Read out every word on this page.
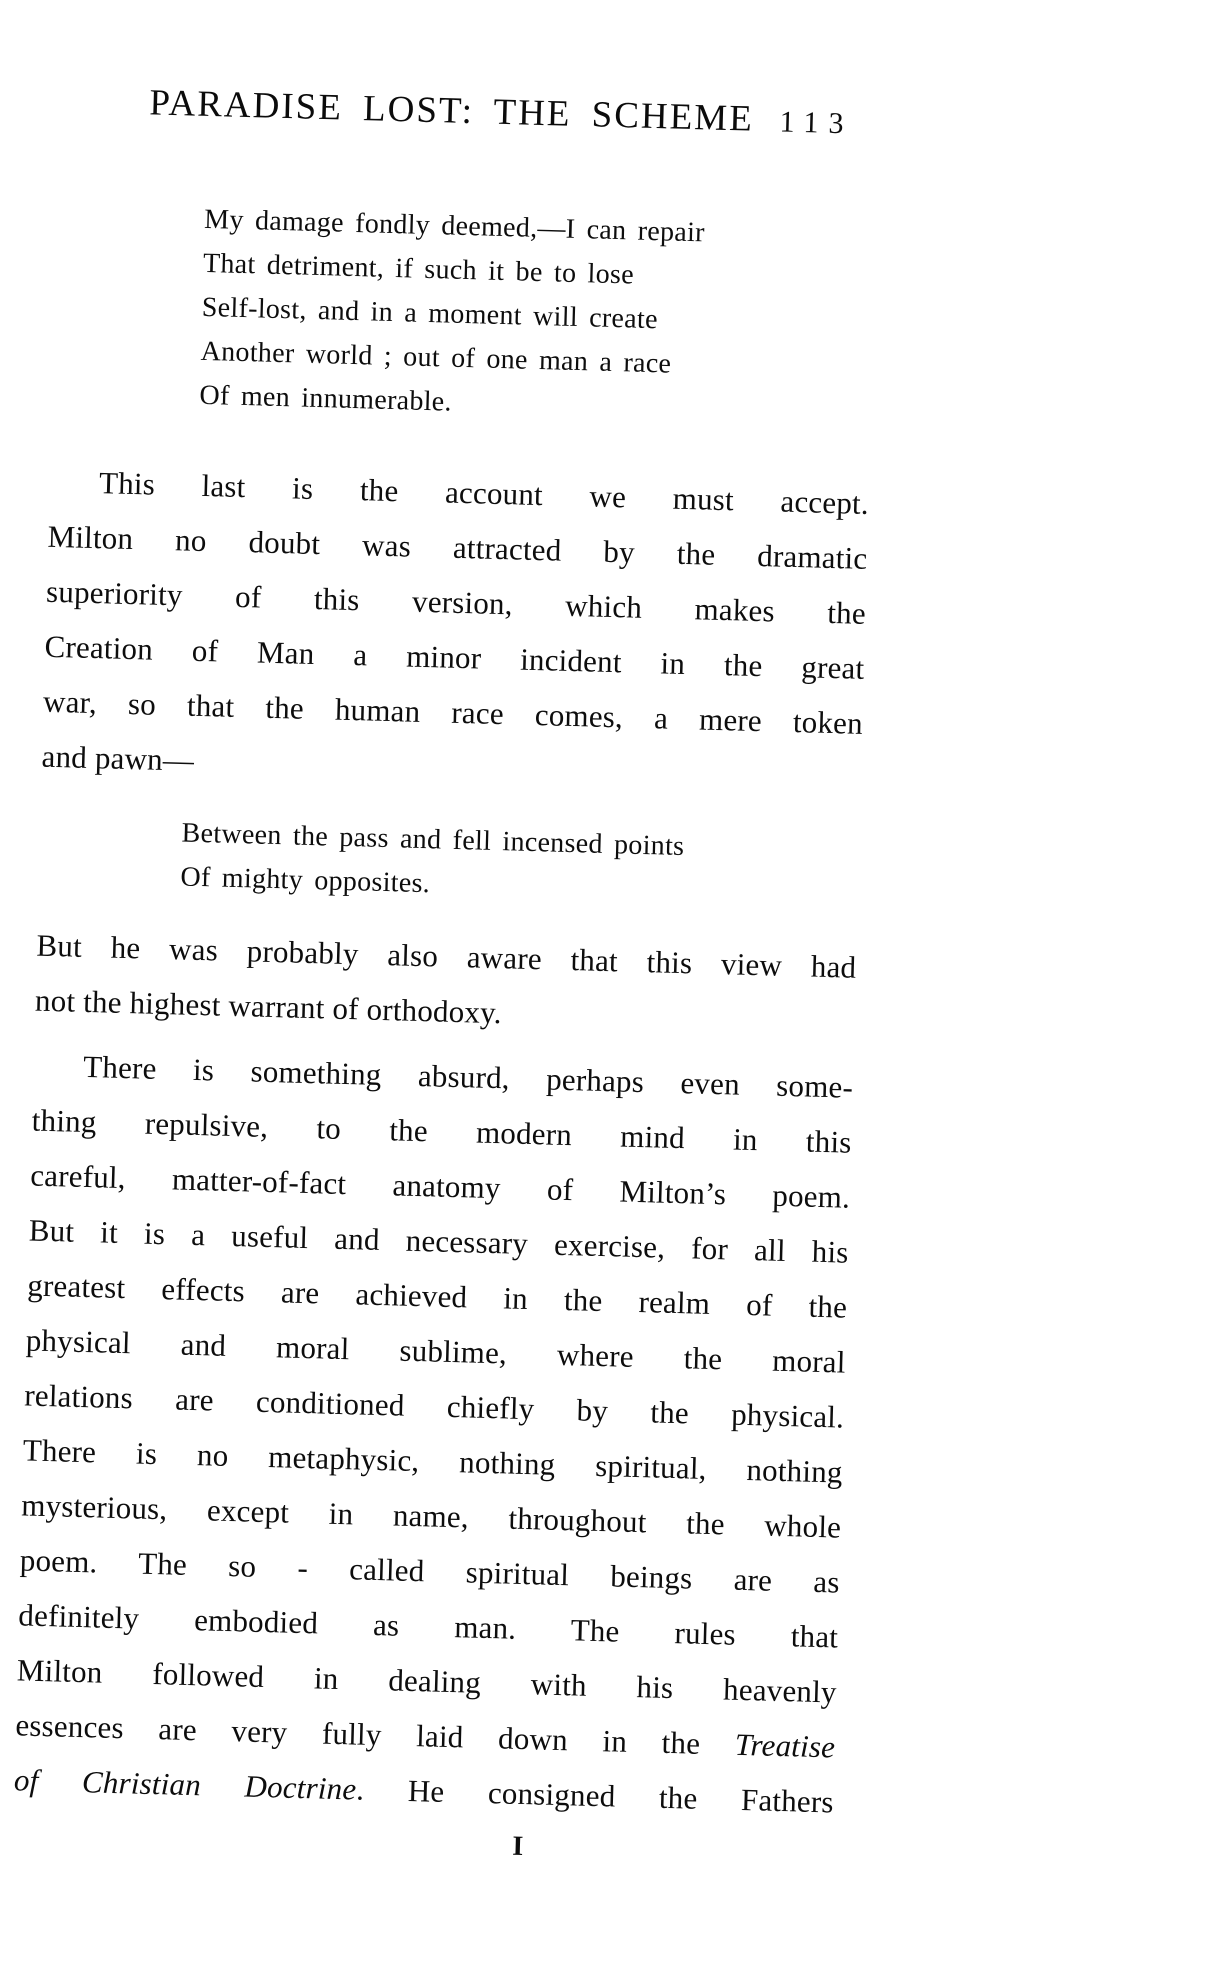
PARADISE LOST: THE SCHEME 113
My damage fondly deemed,—I can repair
That detriment, if such it be to lose
Self-lost, and in a moment will create
Another world ; out of one man a race
Of men innumerable.
This last is the account we must accept.
Milton no doubt was attracted by the dramatic
superiority of this version, which makes the
Creation of Man a minor incident in the great
war, so that the human race comes, a mere token
and pawn—
Between the pass and fell incensed points
Of mighty opposites.
But he was probably also aware that this view had
not the highest warrant of orthodoxy.
There is something absurd, perhaps even some-
thing repulsive, to the modern mind in this
careful, matter-of-fact anatomy of Milton’s poem.
But it is a useful and necessary exercise, for all his
greatest effects are achieved in the realm of the
physical and moral sublime, where the moral
relations are conditioned chiefly by the physical.
There is no metaphysic, nothing spiritual, nothing
mysterious, except in name, throughout the whole
poem. The so - called spiritual beings are as
definitely embodied as man. The rules that
Milton followed in dealing with his heavenly
essences are very fully laid down in the Treatise
of Christian Doctrine. He consigned the Fathers
I
